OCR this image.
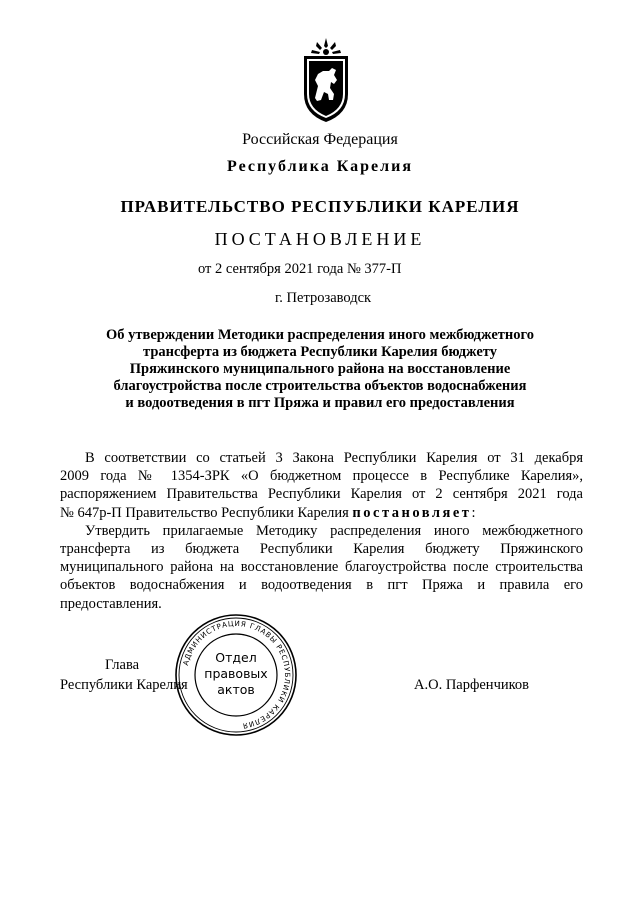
Российская Федерация
Республика Карелия
ПРАВИТЕЛЬСТВО РЕСПУБЛИКИ КАРЕЛИЯ
ПОСТАНОВЛЕНИЕ
от 2 сентября 2021 года № 377-П
г. Петрозаводск
Об утверждении Методики распределения иного межбюджетного
трансферта из бюджета Республики Карелия бюджету
Пряжинского муниципального района на восстановление
благоустройства после строительства объектов водоснабжения
и водоотведения в пгт Пряжа и правил его предоставления
В соответствии со статьей 3 Закона Республики Карелия от 31 декабря
2009 года № 1354-ЗРК «О бюджетном процессе в Республике Карелия»,
распоряжением Правительства Республики Карелия от 2 сентября 2021 года
№ 647р-П Правительство Республики Карелия постановляет:
Утвердить прилагаемые Методику распределения иного межбюджетного
трансферта из бюджета Республики Карелия бюджету Пряжинского
муниципального района на восстановление благоустройства после строительства
объектов водоснабжения и водоотведения в пгт Пряжа и правила его
предоставления.
Глава
Республики Карелия	А.О. Парфенчиков
АДМИНИСТРАЦИЯ ГЛАВЫ РЕСПУБЛИКИ КАРЕЛИЯ
Отдел
правовых
актов
